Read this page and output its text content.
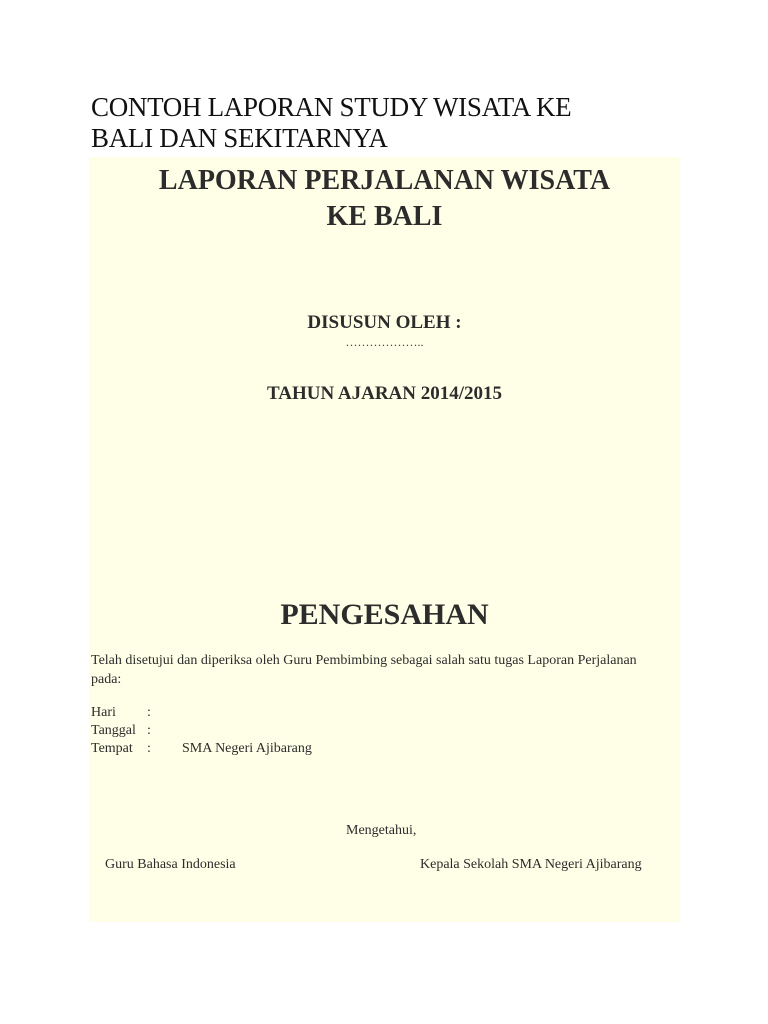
CONTOH LAPORAN STUDY WISATA KE
BALI DAN SEKITARNYA
LAPORAN PERJALANAN WISATA
KE BALI
DISUSUN OLEH :
………………..
TAHUN AJARAN 2014/2015
PENGESAHAN

Telah disetujui dan diperiksa oleh Guru Pembimbing sebagai salah satu tugas Laporan Perjalanan pada:

Hari :
Tanggal :
Tempat : SMA Negeri Ajibarang
Mengetahui,
Guru Bahasa Indonesia	Kepala Sekolah SMA Negeri Ajibarang
